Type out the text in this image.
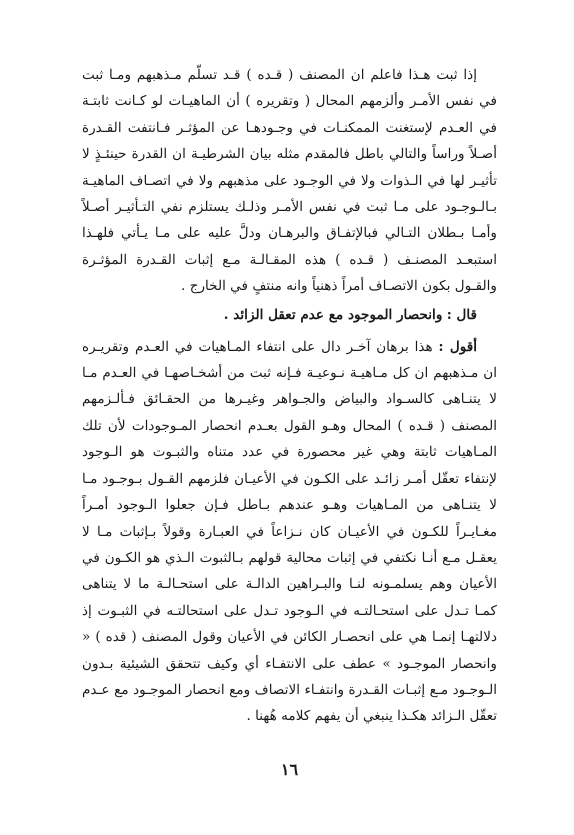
إذا ثبت هـذا فاعلم ان المصنف ( قـده ) قـد تسلّم مـذهبهم ومـا ثبت في نفس الأمـر وألزمهم المحال ( وتقريره ) أن الماهيـات لو كـانت ثابتـة في العـدم لإستغنت الممكنـات في وجـودهـا عن المؤثـر فـانتفت القـدرة أصـلاً وراساً والتالي باطل فالمقدم مثله بيان الشرطيـة ان القدرة حينئـذٍ لا تأثيـر لها في الـذوات ولا في الوجـود على مذهبهم ولا في اتصـاف الماهيـة بـالـوجـود على مـا ثبت في نفس الأمـر وذلـك يستلزم نفي التـأثيـر أصـلاً وأمـا بـطلان التـالي فبالإتفـاق والبرهـان ودلَّ عليه على مـا يـأتي فلهـذا استبعـد المصنـف ( قـده ) هذه المقـالـة مـع إثبات القـدرة المؤثـرة والقـول بكون الاتصـاف أمراً ذهنياً وانه منتفٍ في الخارج .

قال : وانحصار الموجود مع عدم تعقل الزائد .

أقول : هذا برهان آخـر دال على انتفاء المـاهيات في العـدم وتقريـره ان مـذهبهم ان كل مـاهيـة نـوعيـة فـإنه ثبت من أشخـاصهـا في العـدم مـا لا يتنـاهى كالسـواد والبياض والجـواهر وغيـرها من الحقـائق فـألـزمهم المصنف ( قـده ) المحال وهـو القول بعـدم انحصار المـوجودات لأن تلك المـاهيات ثابتة وهي غير محصورة في عدد متناه والثبـوت هو الـوجود لإنتفاء تعقّل أمـر زائـد على الكـون في الأعيـان فلزمهم القـول بـوجـود مـا لا يتنـاهى من المـاهيات وهـو عندهم بـاطل فـإن جعلوا الـوجود أمـراً مغـايـراً للكـون في الأعيـان كان نـزاعاً في العبـارة وقولاً بـإثبات مـا لا يعقـل مـع أنـا نكتفي في إثبات محالية قولهم بـالثبوت الـذي هو الكـون في الأعيان وهم يسلمـونه لنـا والبـراهين الدالـة على استحـالـة ما لا يتناهى كمـا تـدل على استحـالتـه في الـوجود تـدل على استحالتـه في الثبـوت إذ دلالتهـا إنمـا هي على انحصـار الكائن في الأعيان وقول المصنف ( قده ) « وانحصار الموجـود » عطف على الانتفـاء أي وكيف تتحقق الشيئية بـدون الـوجـود مـع إثبـات القـدرة وانتفـاء الاتصاف ومع انحصار الموجـود مع عـدم تعقّل الـزائد هكـذا ينبغي أن يفهم كلامه هُهنا .

١٦
